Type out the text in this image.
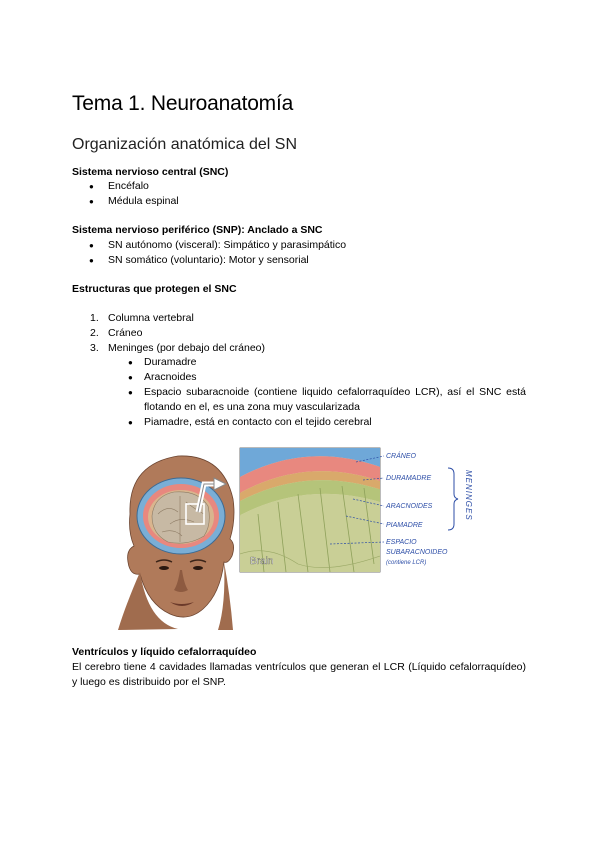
Tema 1. Neuroanatomía
Organización anatómica del SN

Sistema nervioso central (SNC)

● Encéfalo
● Médula espinal

Sistema nervioso periférico (SNP): Anclado a SNC

● SN autónomo (visceral): Simpático y parasimpático
● SN somático (voluntario): Motor y sensorial

Estructuras que protegen el SNC

1. Columna vertebral
2. Cráneo
3. Meninges (por debajo del cráneo)
● Duramadre
● Aracnoides
● Espacio subaracnoide (contiene liquido cefalorraquídeo LCR), así el SNC está flotando en el, es una zona muy vascularizada
● Piamadre, está en contacto con el tejido cerebral
Brain
CRÁNEO
DURAMADRE
ARACNOIDES
PIAMADRE
ESPACIO
SUBARACNOIDEO
(contiene LCR)
MENINGES

Ventrículos y líquido cefalorraquídeo

El cerebro tiene 4 cavidades llamadas ventrículos que generan el LCR (Líquido cefalorraquídeo) y luego es distribuido por el SNP.
